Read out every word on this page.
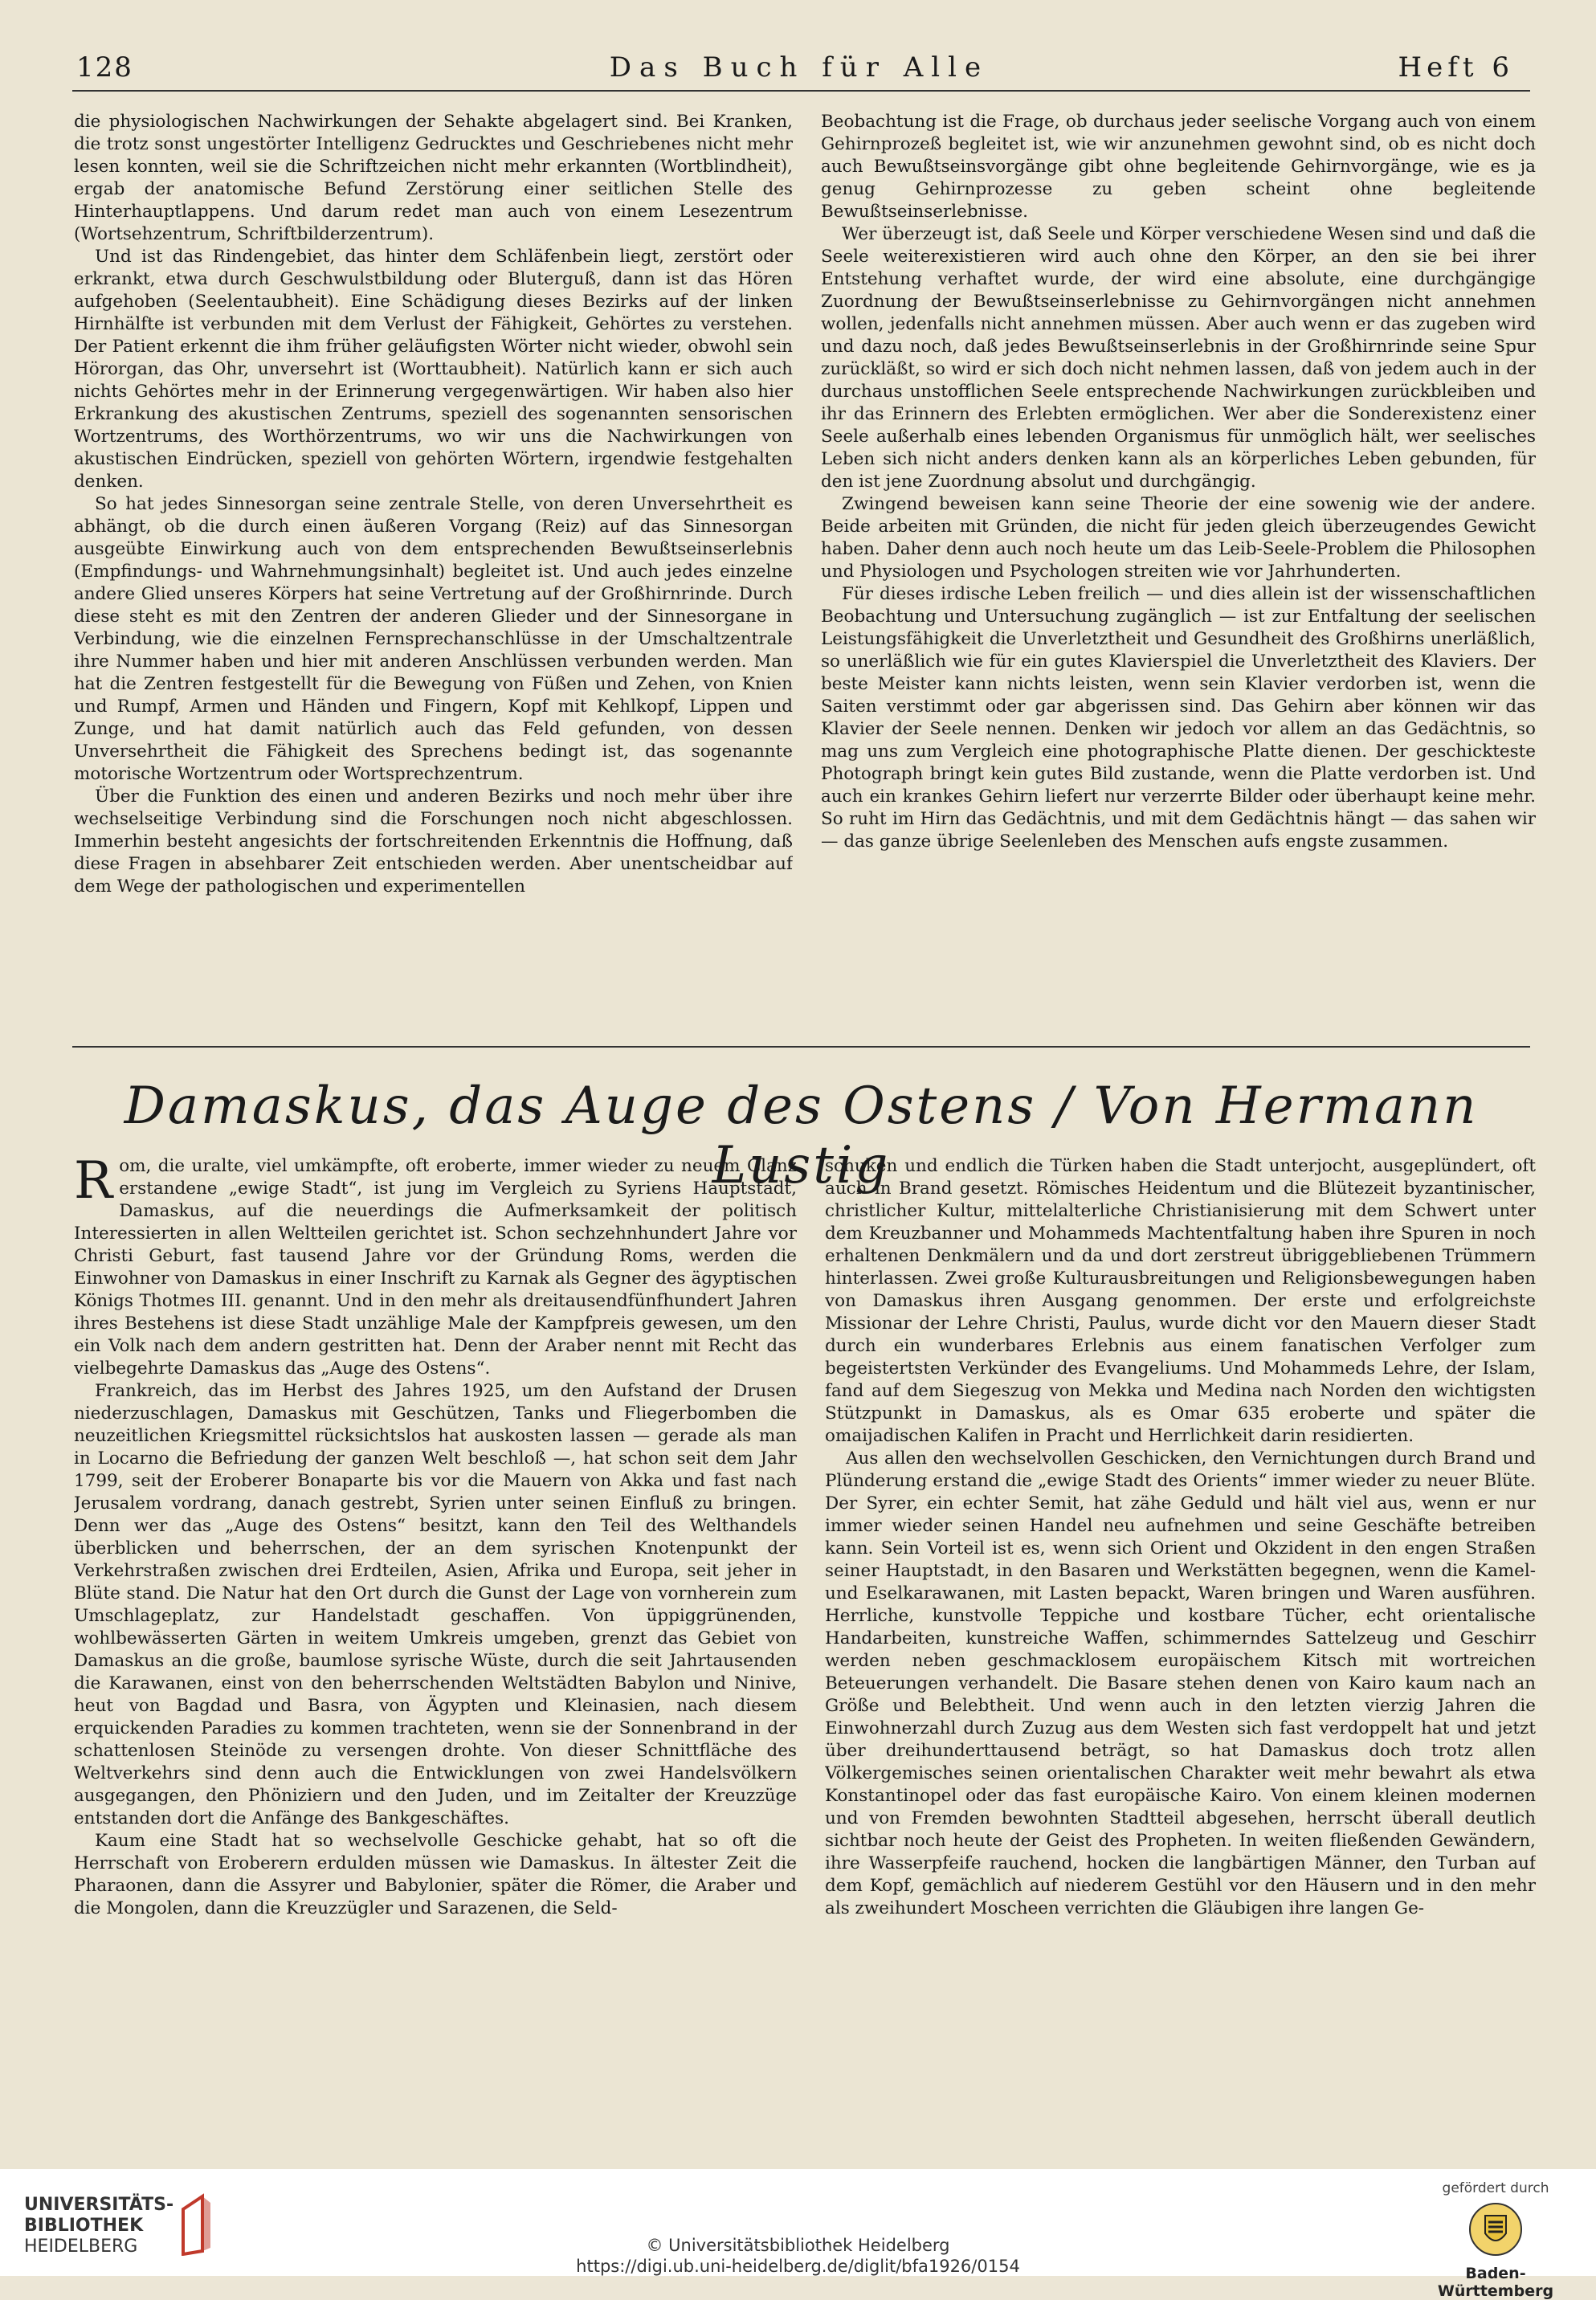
128	Das Buch für Alle	Heft 6

die physiologischen Nachwirkungen der Sehakte abgelagert sind. Bei Kranken, die trotz sonst ungestörter Intelligenz Gedrucktes und Geschriebenes nicht mehr lesen konnten, weil sie die Schriftzeichen nicht mehr erkannten (Wortblindheit), ergab der anatomische Befund Zerstörung einer seitlichen Stelle des Hinterhauptlappens. Und darum redet man auch von einem Lesezentrum (Wortsehzentrum, Schriftbilderzentrum).

Und ist das Rindengebiet, das hinter dem Schläfenbein liegt, zerstört oder erkrankt, etwa durch Geschwulstbildung oder Bluterguß, dann ist das Hören aufgehoben (Seelentaubheit). Eine Schädigung dieses Bezirks auf der linken Hirnhälfte ist verbunden mit dem Verlust der Fähigkeit, Gehörtes zu verstehen. Der Patient erkennt die ihm früher geläufigsten Wörter nicht wieder, obwohl sein Hörorgan, das Ohr, unversehrt ist (Worttaubheit). Natürlich kann er sich auch nichts Gehörtes mehr in der Erinnerung vergegenwärtigen. Wir haben also hier Erkrankung des akustischen Zentrums, speziell des sogenannten sensorischen Wortzentrums, des Worthörzentrums, wo wir uns die Nachwirkungen von akustischen Eindrücken, speziell von gehörten Wörtern, irgendwie festgehalten denken.

So hat jedes Sinnesorgan seine zentrale Stelle, von deren Unversehrtheit es abhängt, ob die durch einen äußeren Vorgang (Reiz) auf das Sinnesorgan ausgeübte Einwirkung auch von dem entsprechenden Bewußtseinserlebnis (Empfindungs- und Wahrnehmungsinhalt) begleitet ist. Und auch jedes einzelne andere Glied unseres Körpers hat seine Vertretung auf der Großhirnrinde. Durch diese steht es mit den Zentren der anderen Glieder und der Sinnesorgane in Verbindung, wie die einzelnen Fernsprechanschlüsse in der Umschaltzentrale ihre Nummer haben und hier mit anderen Anschlüssen verbunden werden. Man hat die Zentren festgestellt für die Bewegung von Füßen und Zehen, von Knien und Rumpf, Armen und Händen und Fingern, Kopf mit Kehlkopf, Lippen und Zunge, und hat damit natürlich auch das Feld gefunden, von dessen Unversehrtheit die Fähigkeit des Sprechens bedingt ist, das sogenannte motorische Wortzentrum oder Wortsprechzentrum.

Über die Funktion des einen und anderen Bezirks und noch mehr über ihre wechselseitige Verbindung sind die Forschungen noch nicht abgeschlossen. Immerhin besteht angesichts der fortschreitenden Erkenntnis die Hoffnung, daß diese Fragen in absehbarer Zeit entschieden werden. Aber unentscheidbar auf dem Wege der pathologischen und experimentellen

Beobachtung ist die Frage, ob durchaus jeder seelische Vorgang auch von einem Gehirnprozeß begleitet ist, wie wir anzunehmen gewohnt sind, ob es nicht doch auch Bewußtseinsvorgänge gibt ohne begleitende Gehirnvorgänge, wie es ja genug Gehirnprozesse zu geben scheint ohne begleitende Bewußtseinserlebnisse.

Wer überzeugt ist, daß Seele und Körper verschiedene Wesen sind und daß die Seele weiterexistieren wird auch ohne den Körper, an den sie bei ihrer Entstehung verhaftet wurde, der wird eine absolute, eine durchgängige Zuordnung der Bewußtseinserlebnisse zu Gehirnvorgängen nicht annehmen wollen, jedenfalls nicht annehmen müssen. Aber auch wenn er das zugeben wird und dazu noch, daß jedes Bewußtseinserlebnis in der Großhirnrinde seine Spur zurückläßt, so wird er sich doch nicht nehmen lassen, daß von jedem auch in der durchaus unstofflichen Seele entsprechende Nachwirkungen zurückbleiben und ihr das Erinnern des Erlebten ermöglichen. Wer aber die Sonderexistenz einer Seele außerhalb eines lebenden Organismus für unmöglich hält, wer seelisches Leben sich nicht anders denken kann als an körperliches Leben gebunden, für den ist jene Zuordnung absolut und durchgängig.

Zwingend beweisen kann seine Theorie der eine sowenig wie der andere. Beide arbeiten mit Gründen, die nicht für jeden gleich überzeugendes Gewicht haben. Daher denn auch noch heute um das Leib-Seele-Problem die Philosophen und Physiologen und Psychologen streiten wie vor Jahrhunderten.

Für dieses irdische Leben freilich — und dies allein ist der wissenschaftlichen Beobachtung und Untersuchung zugänglich — ist zur Entfaltung der seelischen Leistungsfähigkeit die Unverletztheit und Gesundheit des Großhirns unerläßlich, so unerläßlich wie für ein gutes Klavierspiel die Unverletztheit des Klaviers. Der beste Meister kann nichts leisten, wenn sein Klavier verdorben ist, wenn die Saiten verstimmt oder gar abgerissen sind. Das Gehirn aber können wir das Klavier der Seele nennen. Denken wir jedoch vor allem an das Gedächtnis, so mag uns zum Vergleich eine photographische Platte dienen. Der geschickteste Photograph bringt kein gutes Bild zustande, wenn die Platte verdorben ist. Und auch ein krankes Gehirn liefert nur verzerrte Bilder oder überhaupt keine mehr. So ruht im Hirn das Gedächtnis, und mit dem Gedächtnis hängt — das sahen wir — das ganze übrige Seelenleben des Menschen aufs engste zusammen.

Damaskus, das Auge des Ostens / Von Hermann Lustig

Rom, die uralte, viel umkämpfte, oft eroberte, immer wieder zu neuem Glanz erstandene „ewige Stadt“, ist jung im Vergleich zu Syriens Hauptstadt, Damaskus, auf die neuerdings die Aufmerksamkeit der politisch Interessierten in allen Weltteilen gerichtet ist. Schon sechzehnhundert Jahre vor Christi Geburt, fast tausend Jahre vor der Gründung Roms, werden die Einwohner von Damaskus in einer Inschrift zu Karnak als Gegner des ägyptischen Königs Thotmes III. genannt. Und in den mehr als dreitausendfünfhundert Jahren ihres Bestehens ist diese Stadt unzählige Male der Kampfpreis gewesen, um den ein Volk nach dem andern gestritten hat. Denn der Araber nennt mit Recht das vielbegehrte Damaskus das „Auge des Ostens“.

Frankreich, das im Herbst des Jahres 1925, um den Aufstand der Drusen niederzuschlagen, Damaskus mit Geschützen, Tanks und Fliegerbomben die neuzeitlichen Kriegsmittel rücksichtslos hat auskosten lassen — gerade als man in Locarno die Befriedung der ganzen Welt beschloß —, hat schon seit dem Jahr 1799, seit der Eroberer Bonaparte bis vor die Mauern von Akka und fast nach Jerusalem vordrang, danach gestrebt, Syrien unter seinen Einfluß zu bringen. Denn wer das „Auge des Ostens“ besitzt, kann den Teil des Welthandels überblicken und beherrschen, der an dem syrischen Knotenpunkt der Verkehrstraßen zwischen drei Erdteilen, Asien, Afrika und Europa, seit jeher in Blüte stand. Die Natur hat den Ort durch die Gunst der Lage von vornherein zum Umschlageplatz, zur Handelstadt geschaffen. Von üppiggrünenden, wohlbewässerten Gärten in weitem Umkreis umgeben, grenzt das Gebiet von Damaskus an die große, baumlose syrische Wüste, durch die seit Jahrtausenden die Karawanen, einst von den beherrschenden Weltstädten Babylon und Ninive, heut von Bagdad und Basra, von Ägypten und Kleinasien, nach diesem erquickenden Paradies zu kommen trachteten, wenn sie der Sonnenbrand in der schattenlosen Steinöde zu versengen drohte. Von dieser Schnittfläche des Weltverkehrs sind denn auch die Entwicklungen von zwei Handelsvölkern ausgegangen, den Phöniziern und den Juden, und im Zeitalter der Kreuzzüge entstanden dort die Anfänge des Bankgeschäftes.

Kaum eine Stadt hat so wechselvolle Geschicke gehabt, hat so oft die Herrschaft von Eroberern erdulden müssen wie Damaskus. In ältester Zeit die Pharaonen, dann die Assyrer und Babylonier, später die Römer, die Araber und die Mongolen, dann die Kreuzzügler und Sarazenen, die Seld-

schuken und endlich die Türken haben die Stadt unterjocht, ausgeplündert, oft auch in Brand gesetzt. Römisches Heidentum und die Blütezeit byzantinischer, christlicher Kultur, mittelalterliche Christianisierung mit dem Schwert unter dem Kreuzbanner und Mohammeds Machtentfaltung haben ihre Spuren in noch erhaltenen Denkmälern und da und dort zerstreut übriggebliebenen Trümmern hinterlassen. Zwei große Kulturausbreitungen und Religionsbewegungen haben von Damaskus ihren Ausgang genommen. Der erste und erfolgreichste Missionar der Lehre Christi, Paulus, wurde dicht vor den Mauern dieser Stadt durch ein wunderbares Erlebnis aus einem fanatischen Verfolger zum begeistertsten Verkünder des Evangeliums. Und Mohammeds Lehre, der Islam, fand auf dem Siegeszug von Mekka und Medina nach Norden den wichtigsten Stützpunkt in Damaskus, als es Omar 635 eroberte und später die omaijadischen Kalifen in Pracht und Herrlichkeit darin residierten.

Aus allen den wechselvollen Geschicken, den Vernichtungen durch Brand und Plünderung erstand die „ewige Stadt des Orients“ immer wieder zu neuer Blüte. Der Syrer, ein echter Semit, hat zähe Geduld und hält viel aus, wenn er nur immer wieder seinen Handel neu aufnehmen und seine Geschäfte betreiben kann. Sein Vorteil ist es, wenn sich Orient und Okzident in den engen Straßen seiner Hauptstadt, in den Basaren und Werkstätten begegnen, wenn die Kamel- und Eselkarawanen, mit Lasten bepackt, Waren bringen und Waren ausführen. Herrliche, kunstvolle Teppiche und kostbare Tücher, echt orientalische Handarbeiten, kunstreiche Waffen, schimmerndes Sattelzeug und Geschirr werden neben geschmacklosem europäischem Kitsch mit wortreichen Beteuerungen verhandelt. Die Basare stehen denen von Kairo kaum nach an Größe und Belebtheit. Und wenn auch in den letzten vierzig Jahren die Einwohnerzahl durch Zuzug aus dem Westen sich fast verdoppelt hat und jetzt über dreihunderttausend beträgt, so hat Damaskus doch trotz allen Völkergemisches seinen orientalischen Charakter weit mehr bewahrt als etwa Konstantinopel oder das fast europäische Kairo. Von einem kleinen modernen und von Fremden bewohnten Stadtteil abgesehen, herrscht überall deutlich sichtbar noch heute der Geist des Propheten. In weiten fließenden Gewändern, ihre Wasserpfeife rauchend, hocken die langbärtigen Männer, den Turban auf dem Kopf, gemächlich auf niederem Gestühl vor den Häusern und in den mehr als zweihundert Moscheen verrichten die Gläubigen ihre langen Ge-

UNIVERSITÄTS-
BIBLIOTHEK
HEIDELBERG	© Universitätsbibliothek Heidelberg
https://digi.ub.uni-heidelberg.de/diglit/bfa1926/0154
gefördert durch
Baden-Württemberg
